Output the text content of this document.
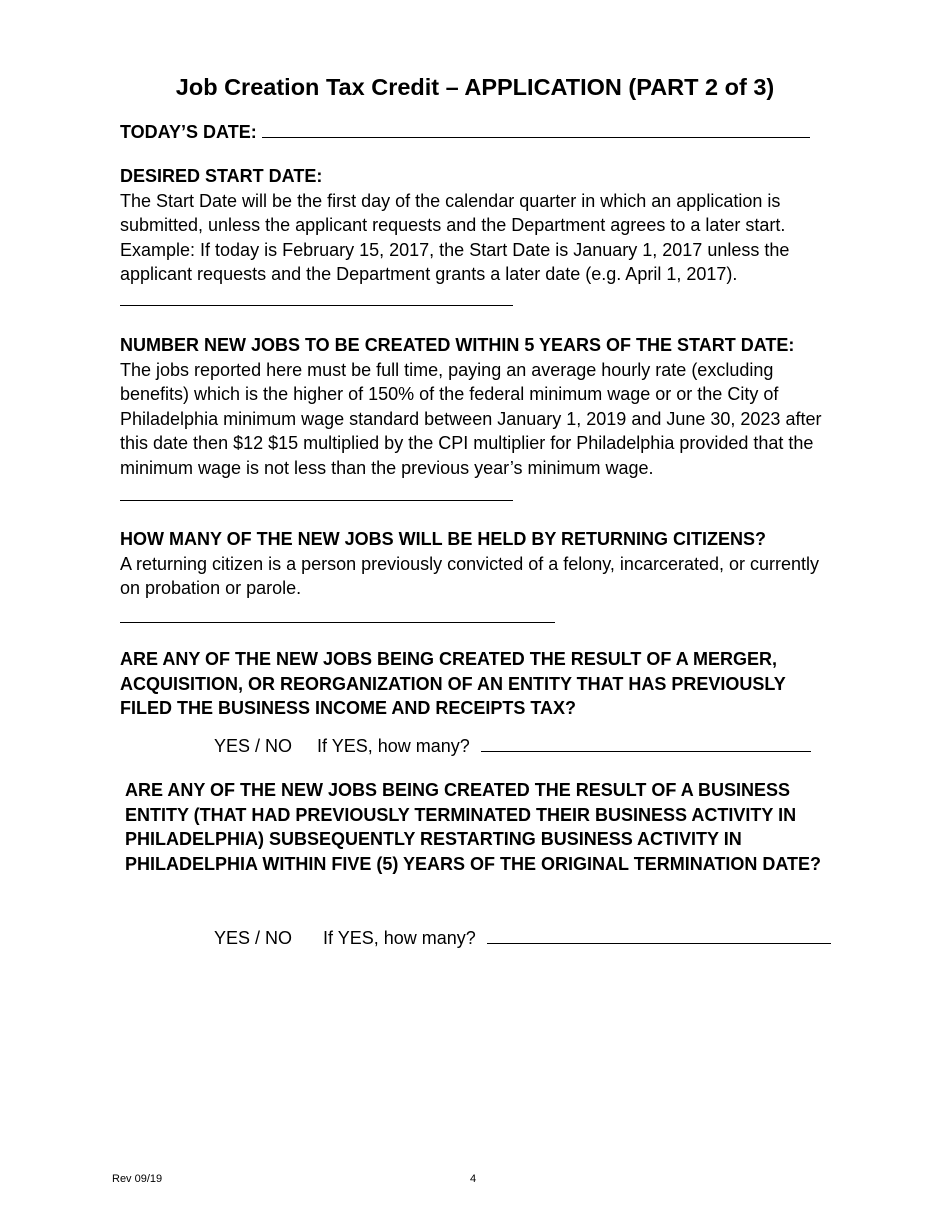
Job Creation Tax Credit – APPLICATION (PART 2 of 3)
TODAY’S DATE:

DESIRED START DATE:

The Start Date will be the first day of the calendar quarter in which an application is submitted, unless the applicant requests and the Department agrees to a later start. Example: If today is February 15, 2017, the Start Date is January 1, 2017 unless the applicant requests and the Department grants a later date (e.g. April 1, 2017).

NUMBER NEW JOBS TO BE CREATED WITHIN 5 YEARS OF THE START DATE:

The jobs reported here must be full time, paying an average hourly rate (excluding benefits) which is the higher of 150% of the federal minimum wage or or the City of Philadelphia minimum wage standard between January 1, 2019 and June 30, 2023 after this date then $12 $15 multiplied by the CPI multiplier for Philadelphia provided that the minimum wage is not less than the previous year’s minimum wage.

HOW MANY OF THE NEW JOBS WILL BE HELD BY RETURNING CITIZENS?

A returning citizen is a person previously convicted of a felony, incarcerated, or currently on probation or parole.

ARE ANY OF THE NEW JOBS BEING CREATED THE RESULT OF A MERGER, ACQUISITION, OR REORGANIZATION OF AN ENTITY THAT HAS PREVIOUSLY FILED THE BUSINESS INCOME AND RECEIPTS TAX?

YES / NO If YES, how many?

ARE ANY OF THE NEW JOBS BEING CREATED THE RESULT OF A BUSINESS ENTITY (THAT HAD PREVIOUSLY TERMINATED THEIR BUSINESS ACTIVITY IN PHILADELPHIA) SUBSEQUENTLY RESTARTING BUSINESS ACTIVITY IN PHILADELPHIA WITHIN FIVE (5) YEARS OF THE ORIGINAL TERMINATION DATE?

YES / NO If YES, how many?
Rev 09/19	4
